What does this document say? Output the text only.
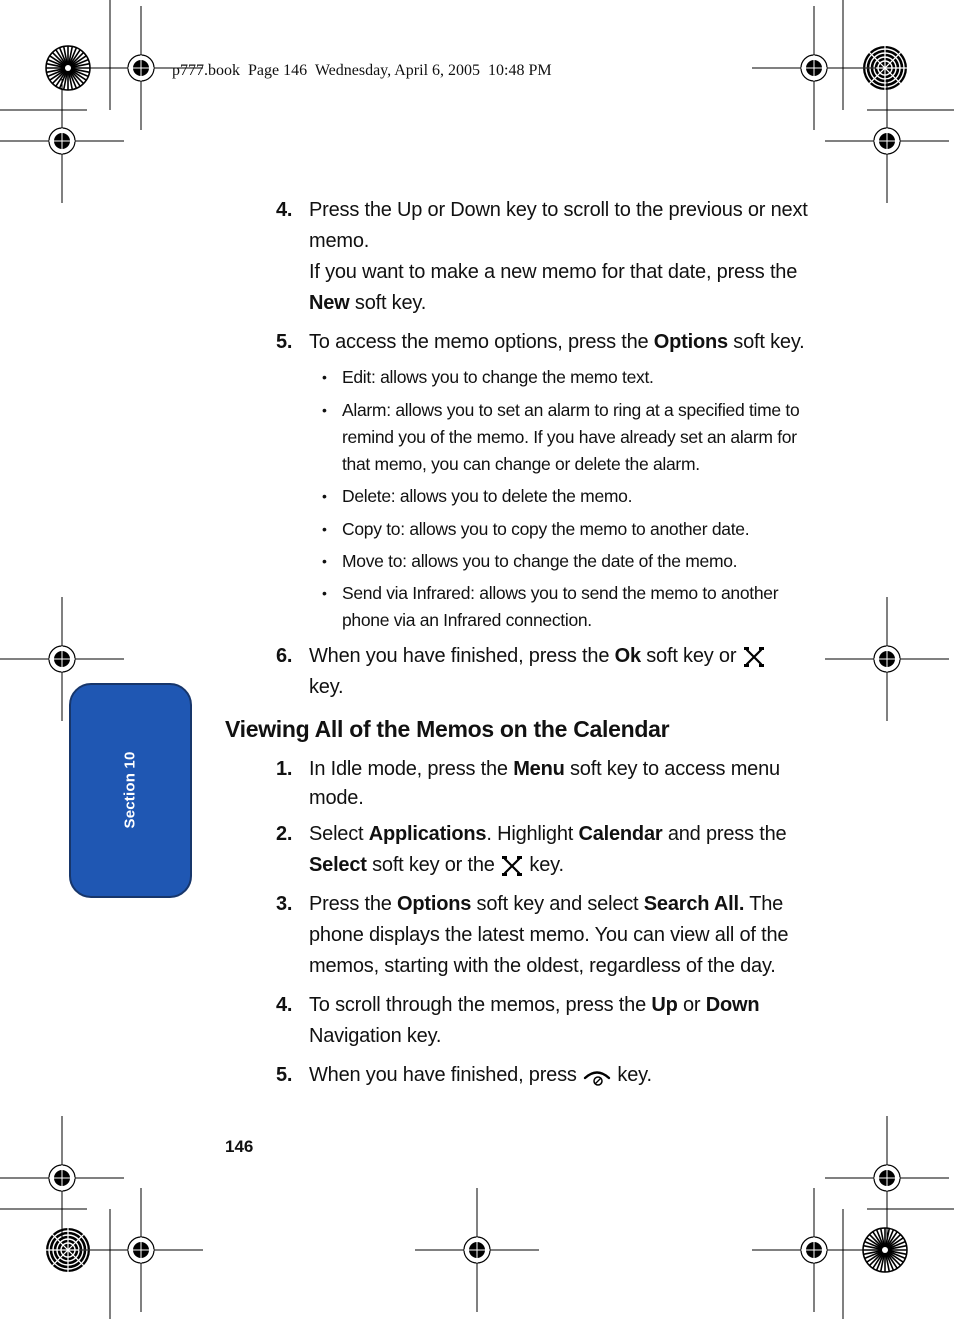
p777.book  Page 146  Wednesday, April 6, 2005  10:48 PM
Section 10
4. Press the Up or Down key to scroll to the previous or next memo.

If you want to make a new memo for that date, press the
New soft key.

5. To access the memo options, press the Options soft key.

• Edit: allows you to change the memo text.
• Alarm: allows you to set an alarm to ring at a specified time to remind you of the memo. If you have already set an alarm for that memo, you can change or delete the alarm.
• Delete: allows you to delete the memo.
• Copy to: allows you to copy the memo to another date.
• Move to: allows you to change the date of the memo.
• Send via Infrared: allows you to send the memo to another phone via an Infrared connection.
6. When you have finished, press the Ok soft key or
key.

Viewing All of the Memos on the Calendar
1. In Idle mode, press the Menu soft key to access menu mode.

2. Select Applications. Highlight Calendar and press the
Select soft key or the  key.

3. Press the Options soft key and select Search All. The phone displays the latest memo. You can view all of the memos, starting with the oldest, regardless of the day.

4. To scroll through the memos, press the Up or Down
Navigation key.

5. When you have finished, press  key.

146
